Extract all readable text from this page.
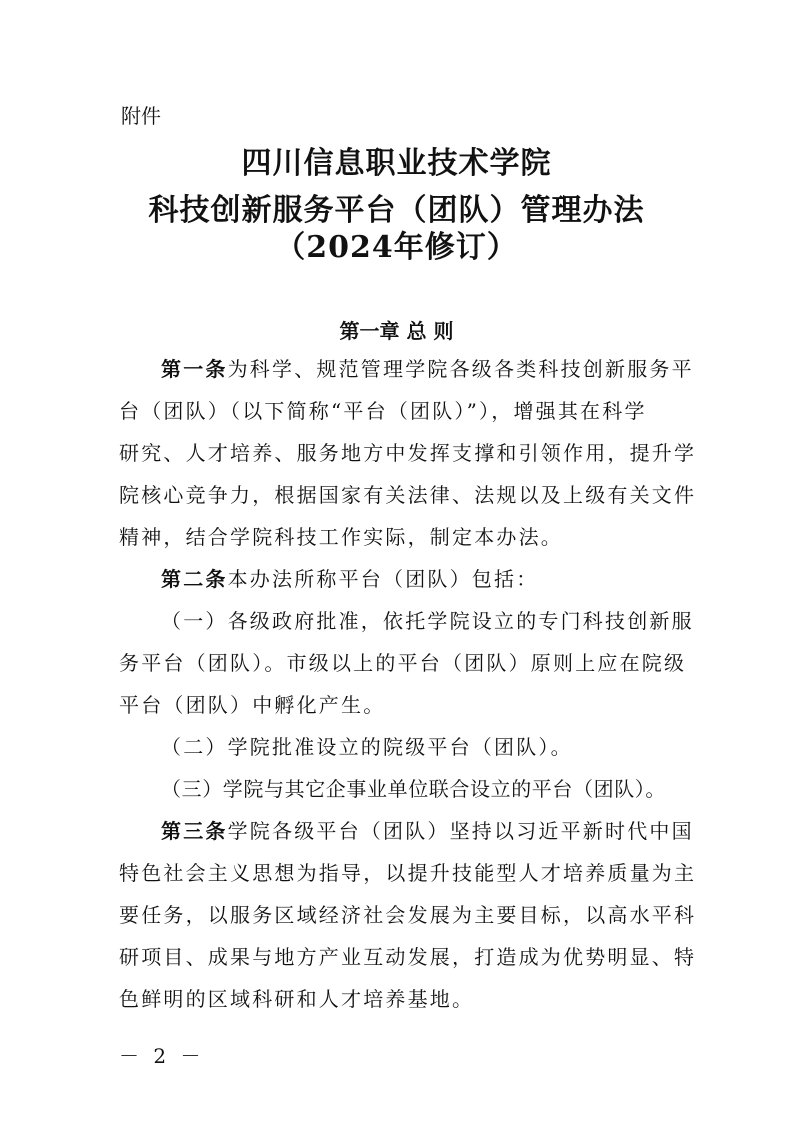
附件
四川信息职业技术学院
科技创新服务平台（团队）管理办法
（2024年修订）
第一章 总 则
第一条为科学、规范管理学院各级各类科技创新服务平
台（团队）（以下简称“平台（团队）”），增强其在科学
研究、人才培养、服务地方中发挥支撑和引领作用，提升学
院核心竞争力，根据国家有关法律、法规以及上级有关文件
精神，结合学院科技工作实际，制定本办法。
第二条本办法所称平台（团队）包括：
（一）各级政府批准，依托学院设立的专门科技创新服
务平台（团队）。市级以上的平台（团队）原则上应在院级
平台（团队）中孵化产生。
（二）学院批准设立的院级平台（团队）。
（三）学院与其它企事业单位联合设立的平台（团队）。
第三条学院各级平台（团队）坚持以习近平新时代中国
特色社会主义思想为指导，以提升技能型人才培养质量为主
要任务，以服务区域经济社会发展为主要目标，以高水平科
研项目、成果与地方产业互动发展，打造成为优势明显、特
色鲜明的区域科研和人才培养基地。
－ 2 －
